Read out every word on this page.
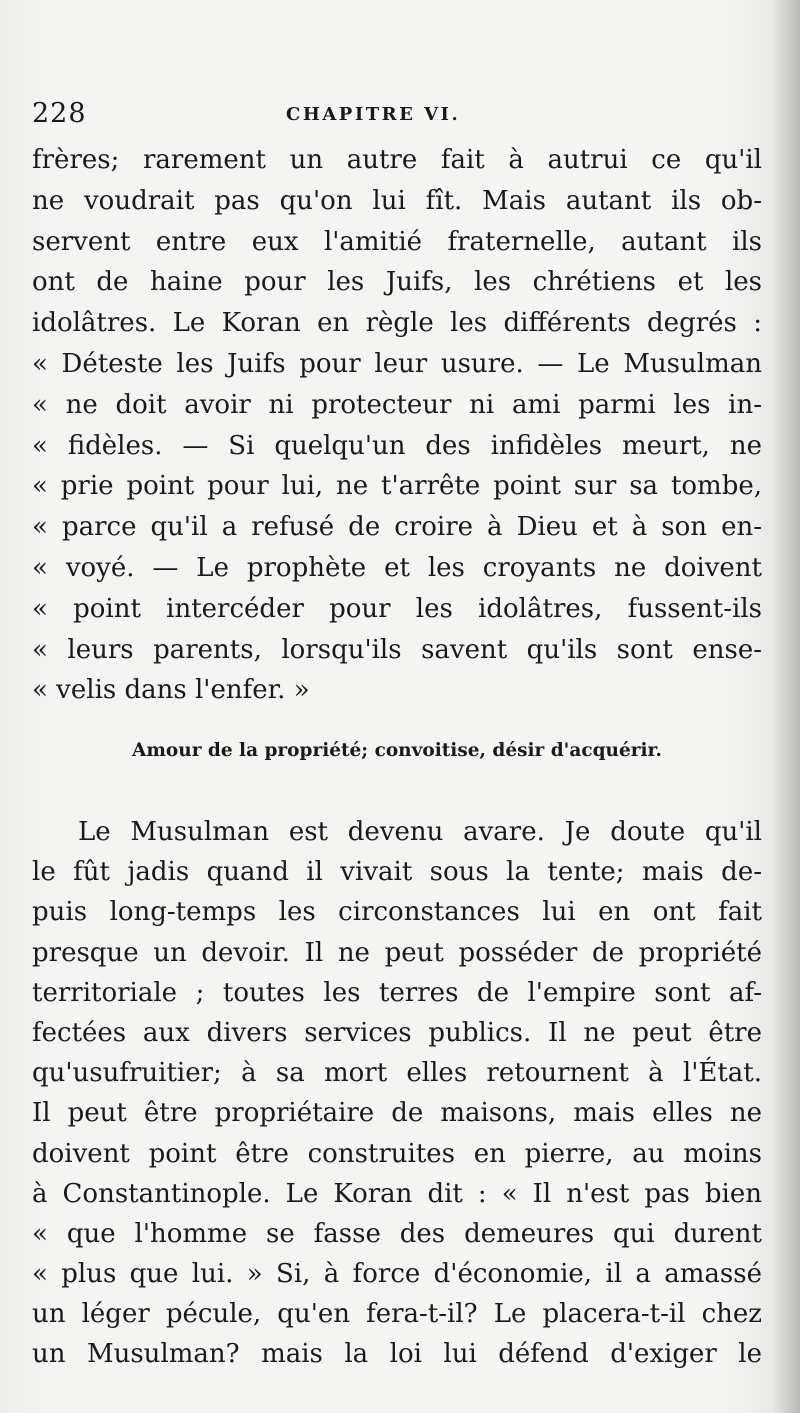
228	CHAPITRE VI.
frères; rarement un autre fait à autrui ce qu'il
ne voudrait pas qu'on lui fît. Mais autant ils ob-
servent entre eux l'amitié fraternelle, autant ils
ont de haine pour les Juifs, les chrétiens et les
idolâtres. Le Koran en règle les différents degrés :
« Déteste les Juifs pour leur usure. — Le Musulman
« ne doit avoir ni protecteur ni ami parmi les in-
« fidèles. — Si quelqu'un des infidèles meurt, ne
« prie point pour lui, ne t'arrête point sur sa tombe,
« parce qu'il a refusé de croire à Dieu et à son en-
« voyé. — Le prophète et les croyants ne doivent
« point intercéder pour les idolâtres, fussent-ils
« leurs parents, lorsqu'ils savent qu'ils sont ense-
« velis dans l'enfer. »
Amour de la propriété; convoitise, désir d'acquérir.
Le Musulman est devenu avare. Je doute qu'il
le fût jadis quand il vivait sous la tente; mais de-
puis long-temps les circonstances lui en ont fait
presque un devoir. Il ne peut posséder de propriété
territoriale ; toutes les terres de l'empire sont af-
fectées aux divers services publics. Il ne peut être
qu'usufruitier; à sa mort elles retournent à l'État.
Il peut être propriétaire de maisons, mais elles ne
doivent point être construites en pierre, au moins
à Constantinople. Le Koran dit : « Il n'est pas bien
« que l'homme se fasse des demeures qui durent
« plus que lui. » Si, à force d'économie, il a amassé
un léger pécule, qu'en fera-t-il? Le placera-t-il chez
un Musulman? mais la loi lui défend d'exiger le
